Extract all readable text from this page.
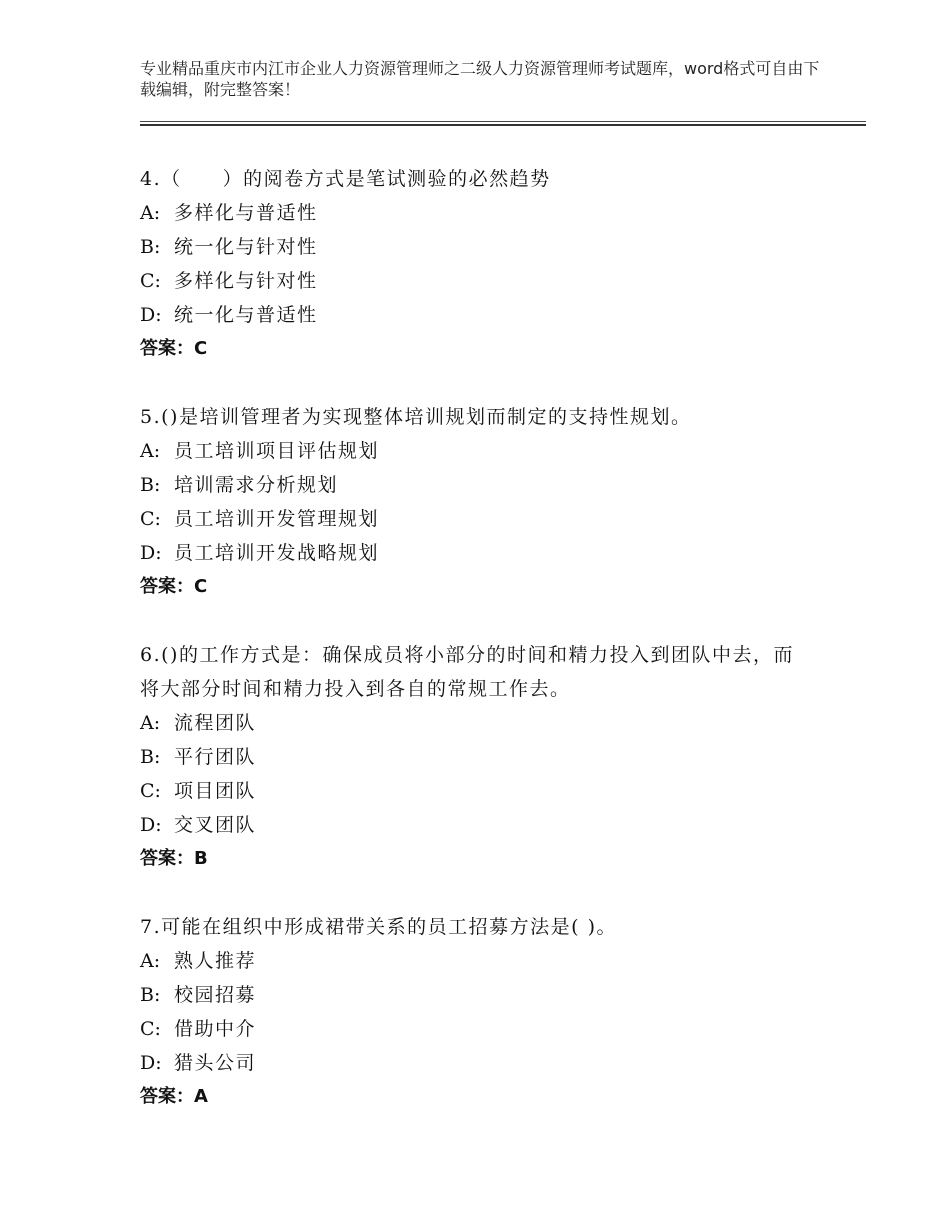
专业精品重庆市内江市企业人力资源管理师之二级人力资源管理师考试题库，word格式可自由下载编辑，附完整答案！
4.（　　）的阅卷方式是笔试测验的必然趋势
A: 多样化与普适性
B: 统一化与针对性
C: 多样化与针对性
D: 统一化与普适性
答案：C
5.()是培训管理者为实现整体培训规划而制定的支持性规划。
A: 员工培训项目评估规划
B: 培训需求分析规划
C: 员工培训开发管理规划
D: 员工培训开发战略规划
答案：C
6.()的工作方式是：确保成员将小部分的时间和精力投入到团队中去，而将大部分时间和精力投入到各自的常规工作去。
A: 流程团队
B: 平行团队
C: 项目团队
D: 交叉团队
答案：B
7.可能在组织中形成裙带关系的员工招募方法是( )。
A: 熟人推荐
B: 校园招募
C: 借助中介
D: 猎头公司
答案：A
